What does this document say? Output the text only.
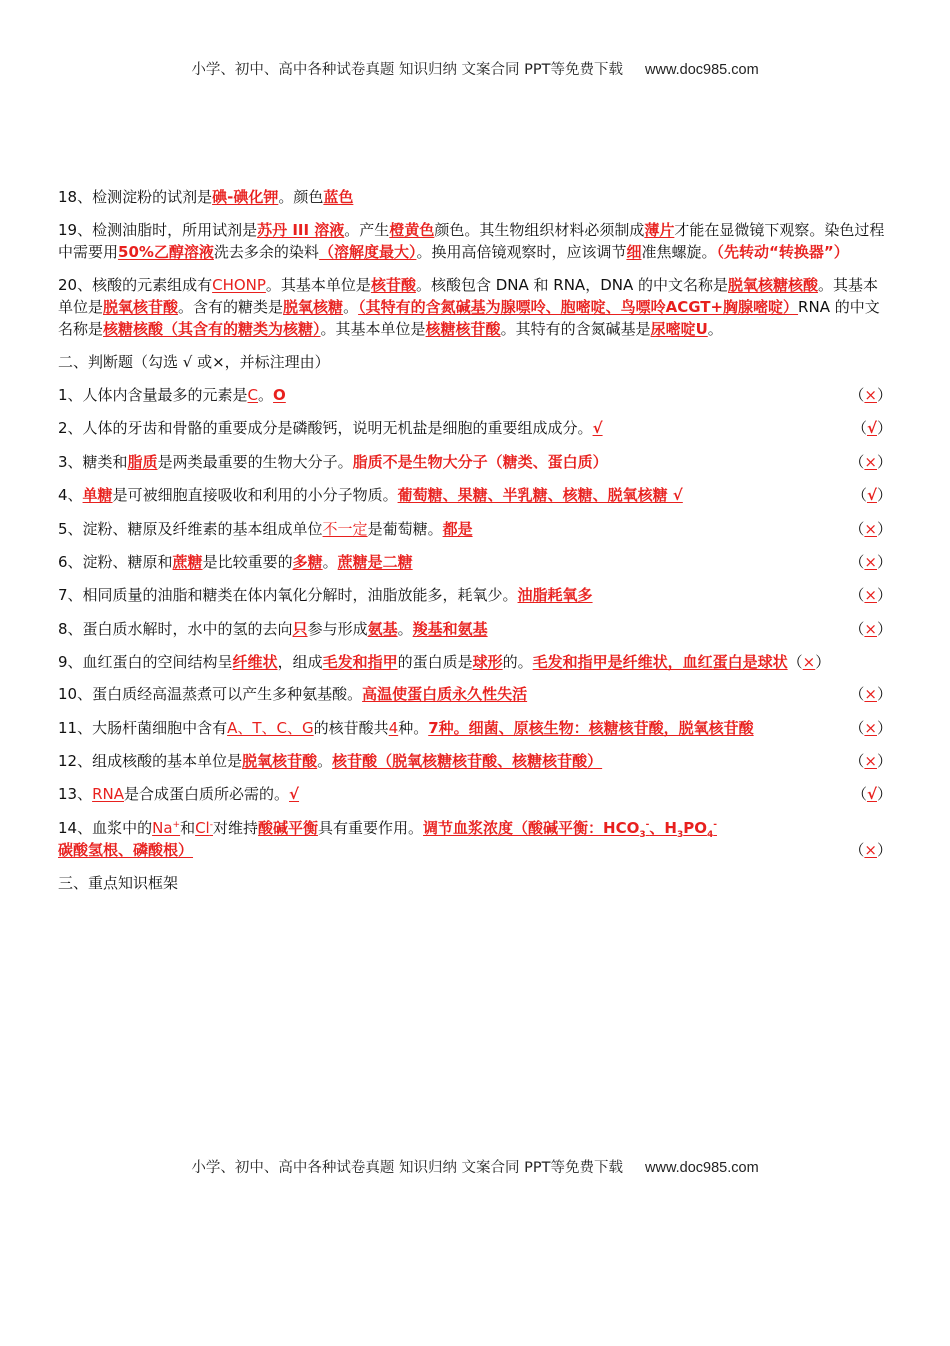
小学、初中、高中各种试卷真题 知识归纳 文案合同 PPT等免费下载 www.doc985.com
18、检测淀粉的试剂是碘-碘化钾。颜色蓝色
19、检测油脂时，所用试剂是苏丹 III 溶液。产生橙黄色颜色。其生物组织材料必须制成薄片才能在显微镜下观察。染色过程中需要用50%乙醇溶液洗去多余的染料（溶解度最大）。换用高倍镜观察时，应该调节细准焦螺旋。（先转动“转换器”）
20、核酸的元素组成有CHONP。其基本单位是核苷酸。核酸包含 DNA 和 RNA，DNA 的中文名称是脱氧核糖核酸。其基本单位是脱氧核苷酸。含有的糖类是脱氧核糖。（其特有的含氮碱基为腺嘌呤、胞嘧啶、鸟嘌呤ACGT+胸腺嘧啶）RNA 的中文名称是核糖核酸（其含有的糖类为核糖）。其基本单位是核糖核苷酸。其特有的含氮碱基是尿嘧啶U。
二、判断题（勾选 √ 或×，并标注理由）
1、人体内含量最多的元素是C。O	（×）
2、人体的牙齿和骨骼的重要成分是磷酸钙，说明无机盐是细胞的重要组成成分。√	（√）
3、糖类和脂质是两类最重要的生物大分子。脂质不是生物大分子（糖类、蛋白质）	（×）
4、单糖是可被细胞直接吸收和利用的小分子物质。葡萄糖、果糖、半乳糖、核糖、脱氧核糖 √	（√）
5、淀粉、糖原及纤维素的基本组成单位不一定是葡萄糖。都是	（×）
6、淀粉、糖原和蔗糖是比较重要的多糖。蔗糖是二糖	（×）
7、相同质量的油脂和糖类在体内氧化分解时，油脂放能多，耗氧少。油脂耗氧多	（×）
8、蛋白质水解时，水中的氢的去向只参与形成氨基。羧基和氨基	（×）
9、血红蛋白的空间结构呈纤维状，组成毛发和指甲的蛋白质是球形的。毛发和指甲是纤维状，血红蛋白是球状（×）
10、蛋白质经高温蒸煮可以产生多种氨基酸。高温使蛋白质永久性失活	（×）
11、大肠杆菌细胞中含有A、T、C、G的核苷酸共4种。7种。细菌、原核生物：核糖核苷酸，脱氧核苷酸	（×）
12、组成核酸的基本单位是脱氧核苷酸。核苷酸（脱氧核糖核苷酸、核糖核苷酸）	（×）
13、RNA是合成蛋白质所必需的。√	（√）
14、血浆中的Na+和Cl-对维持酸碱平衡具有重要作用。调节血浆浓度（酸碱平衡：$HCO_3^-$、$H_3PO_4^-$碳酸氢根、磷酸根）	（×）
三、重点知识框架
小学、初中、高中各种试卷真题 知识归纳 文案合同 PPT等免费下载 www.doc985.com
